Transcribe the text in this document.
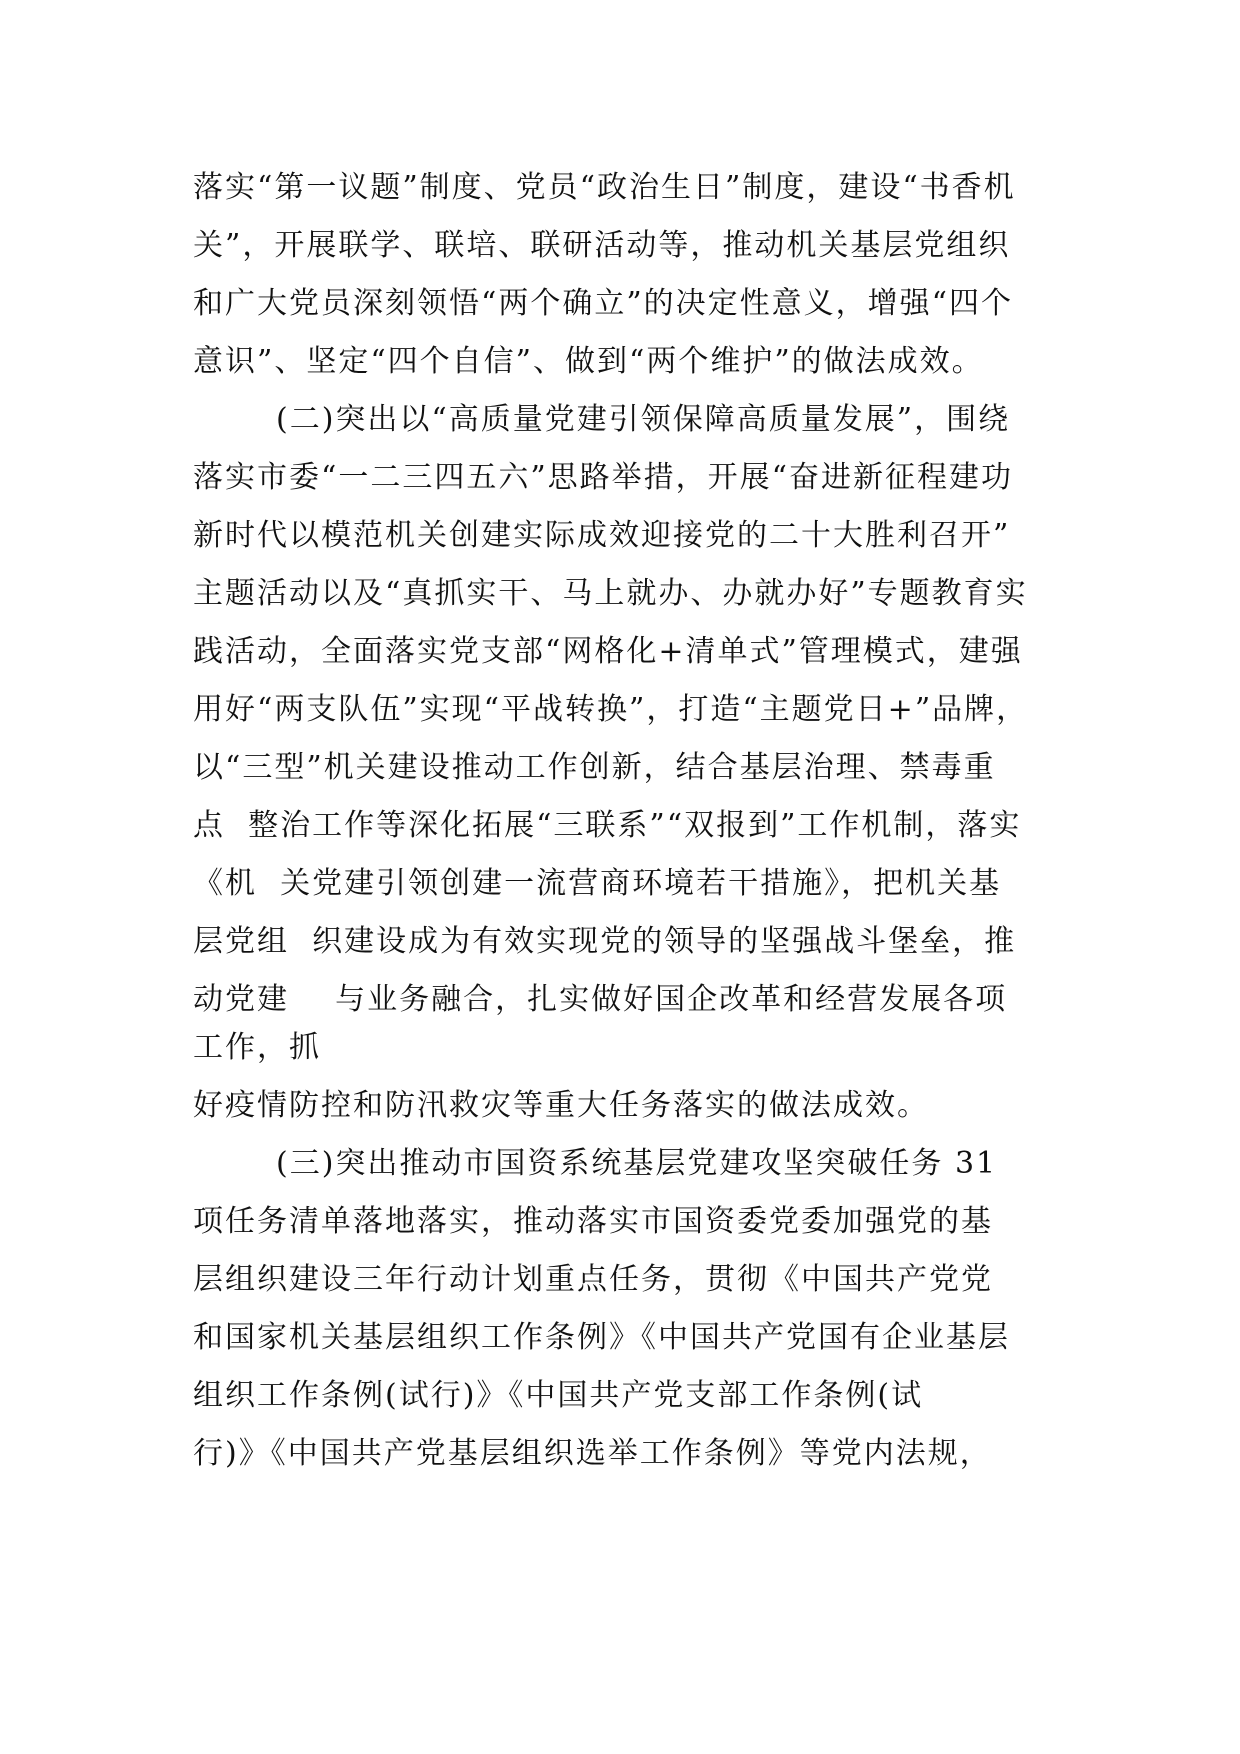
落实“第一议题”制度、党员“政治生日”制度，建设“书香机

关”，开展联学、联培、联研活动等，推动机关基层党组织

和广大党员深刻领悟“两个确立”的决定性意义，增强“四个

意识”、坚定“四个自信”、做到“两个维护”的做法成效。

(二)突出以“高质量党建引领保障高质量发展”，围绕

落实市委“一二三四五六”思路举措，开展“奋进新征程建功

新时代以模范机关创建实际成效迎接党的二十大胜利召开”

主题活动以及“真抓实干、马上就办、办就办好”专题教育实

践活动，全面落实党支部“网格化+清单式”管理模式，建强

用好“两支队伍”实现“平战转换”，打造“主题党日+”品牌，

以“三型”机关建设推动工作创新，结合基层治理、禁毒重

点  整治工作等深化拓展“三联系”“双报到”工作机制，落实

《机  关党建引领创建一流营商环境若干措施》，把机关基

层党组  织建设成为有效实现党的领导的坚强战斗堡垒，推

动党建    与业务融合，扎实做好国企改革和经营发展各项

工作，抓

好疫情防控和防汛救灾等重大任务落实的做法成效。

(三)突出推动市国资系统基层党建攻坚突破任务 31

项任务清单落地落实，推动落实市国资委党委加强党的基

层组织建设三年行动计划重点任务，贯彻《中国共产党党

和国家机关基层组织工作条例》《中国共产党国有企业基层

组织工作条例(试行)》《中国共产党支部工作条例(试

行)》《中国共产党基层组织选举工作条例》等党内法规，
